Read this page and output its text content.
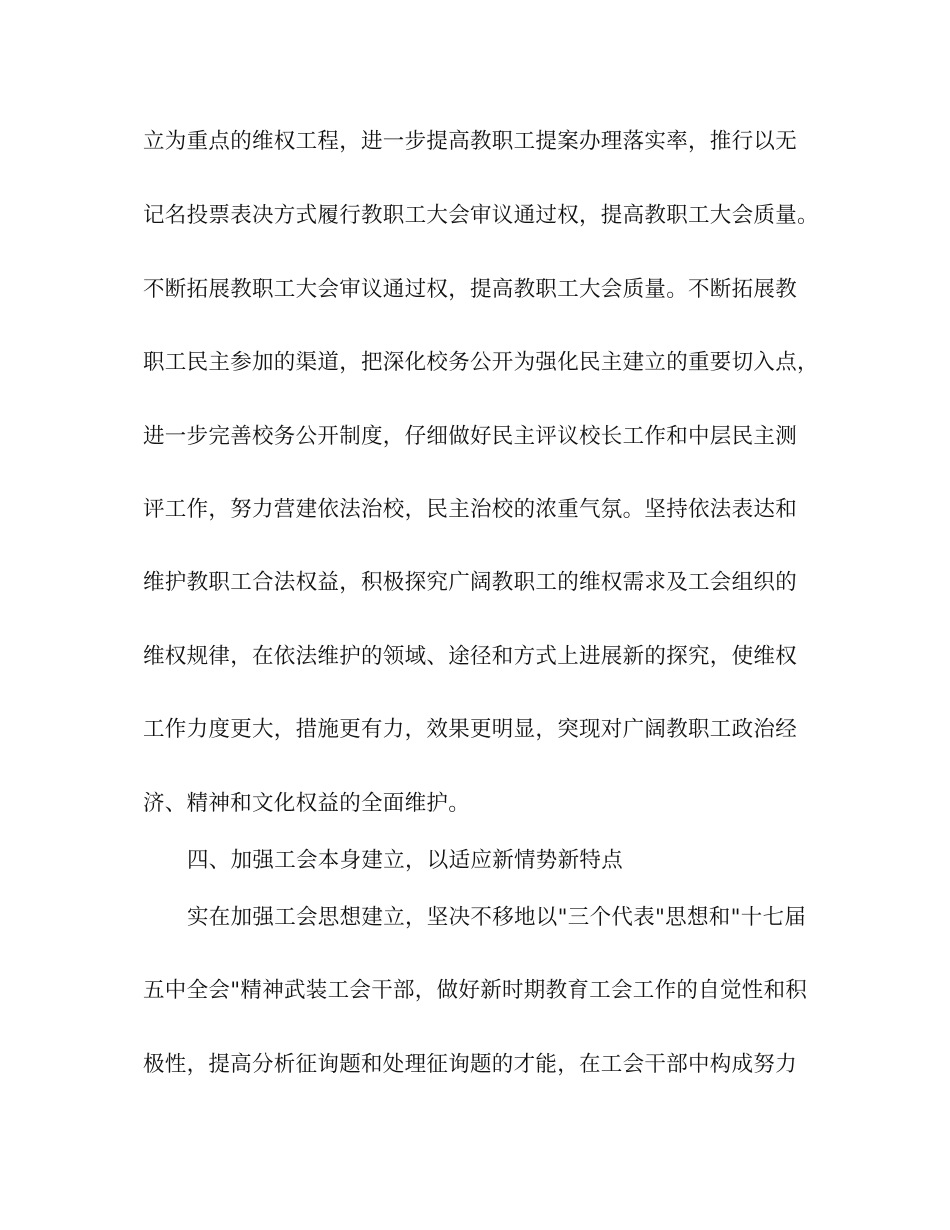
立为重点的维权工程，进一步提高教职工提案办理落实率，推行以无
记名投票表决方式履行教职工大会审议通过权，提高教职工大会质量。
不断拓展教职工大会审议通过权，提高教职工大会质量。不断拓展教
职工民主参加的渠道，把深化校务公开为强化民主建立的重要切入点，
进一步完善校务公开制度，仔细做好民主评议校长工作和中层民主测
评工作，努力营建依法治校，民主治校的浓重气氛。坚持依法表达和
维护教职工合法权益，积极探究广阔教职工的维权需求及工会组织的
维权规律，在依法维护的领域、途径和方式上进展新的探究，使维权
工作力度更大，措施更有力，效果更明显，突现对广阔教职工政治经
济、精神和文化权益的全面维护。
四、加强工会本身建立，以适应新情势新特点
实在加强工会思想建立，坚决不移地以"三个代表"思想和"十七届
五中全会"精神武装工会干部，做好新时期教育工会工作的自觉性和积
极性，提高分析征询题和处理征询题的才能，在工会干部中构成努力
